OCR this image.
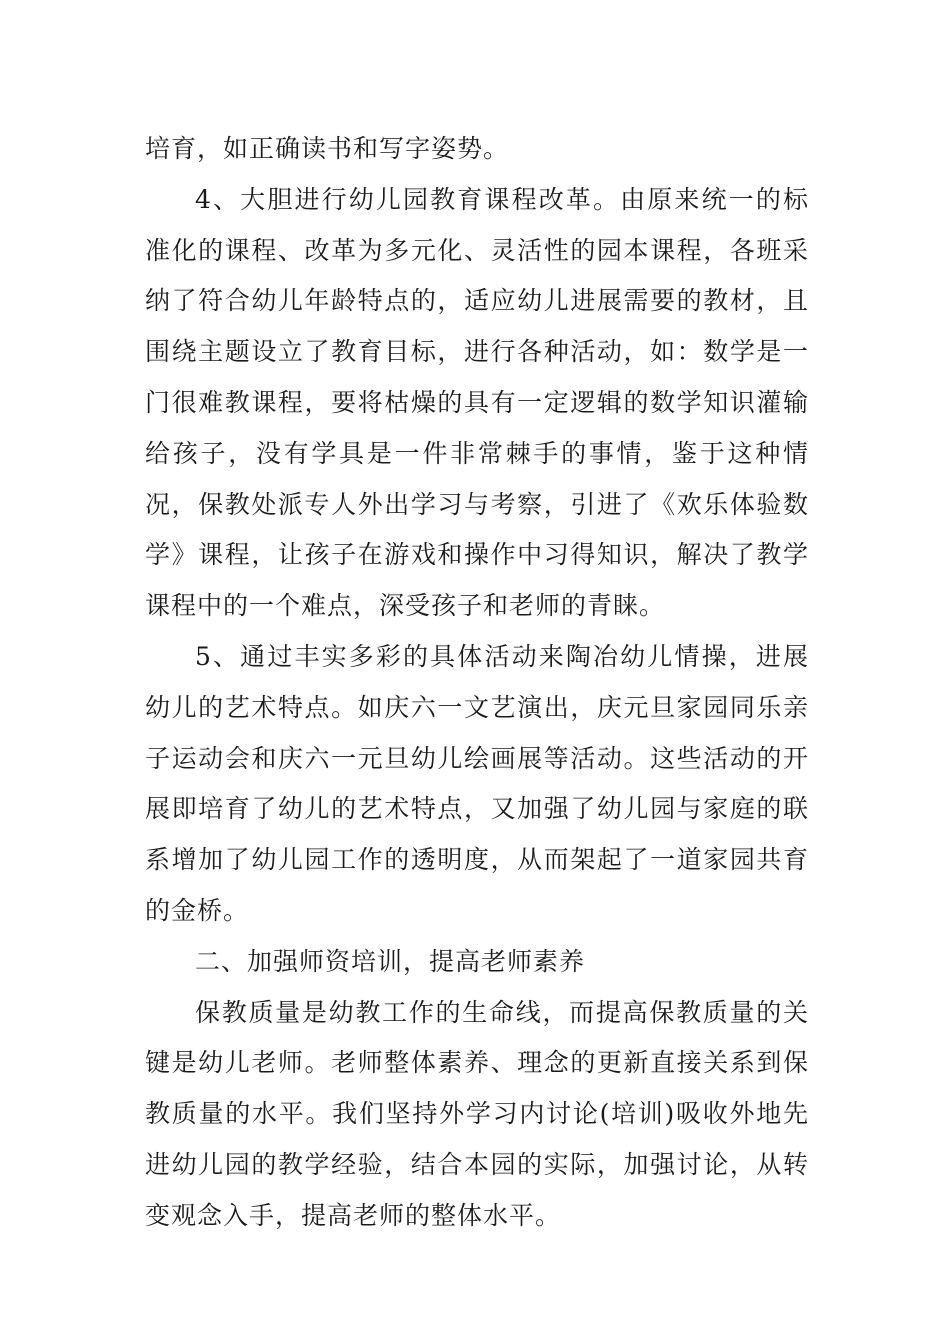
培育，如正确读书和写字姿势。

4、大胆进行幼儿园教育课程改革。由原来统一的标准化的课程、改革为多元化、灵活性的园本课程，各班采纳了符合幼儿年龄特点的，适应幼儿进展需要的教材，且围绕主题设立了教育目标，进行各种活动，如：数学是一门很难教课程，要将枯燥的具有一定逻辑的数学知识灌输给孩子，没有学具是一件非常棘手的事情，鉴于这种情况，保教处派专人外出学习与考察，引进了《欢乐体验数学》课程，让孩子在游戏和操作中习得知识，解决了教学课程中的一个难点，深受孩子和老师的青睐。

5、通过丰实多彩的具体活动来陶冶幼儿情操，进展幼儿的艺术特点。如庆六一文艺演出，庆元旦家园同乐亲子运动会和庆六一元旦幼儿绘画展等活动。这些活动的开展即培育了幼儿的艺术特点，又加强了幼儿园与家庭的联系增加了幼儿园工作的透明度，从而架起了一道家园共育的金桥。

二、加强师资培训，提高老师素养

保教质量是幼教工作的生命线，而提高保教质量的关键是幼儿老师。老师整体素养、理念的更新直接关系到保教质量的水平。我们坚持外学习内讨论(培训)吸收外地先进幼儿园的教学经验，结合本园的实际，加强讨论，从转变观念入手，提高老师的整体水平。
